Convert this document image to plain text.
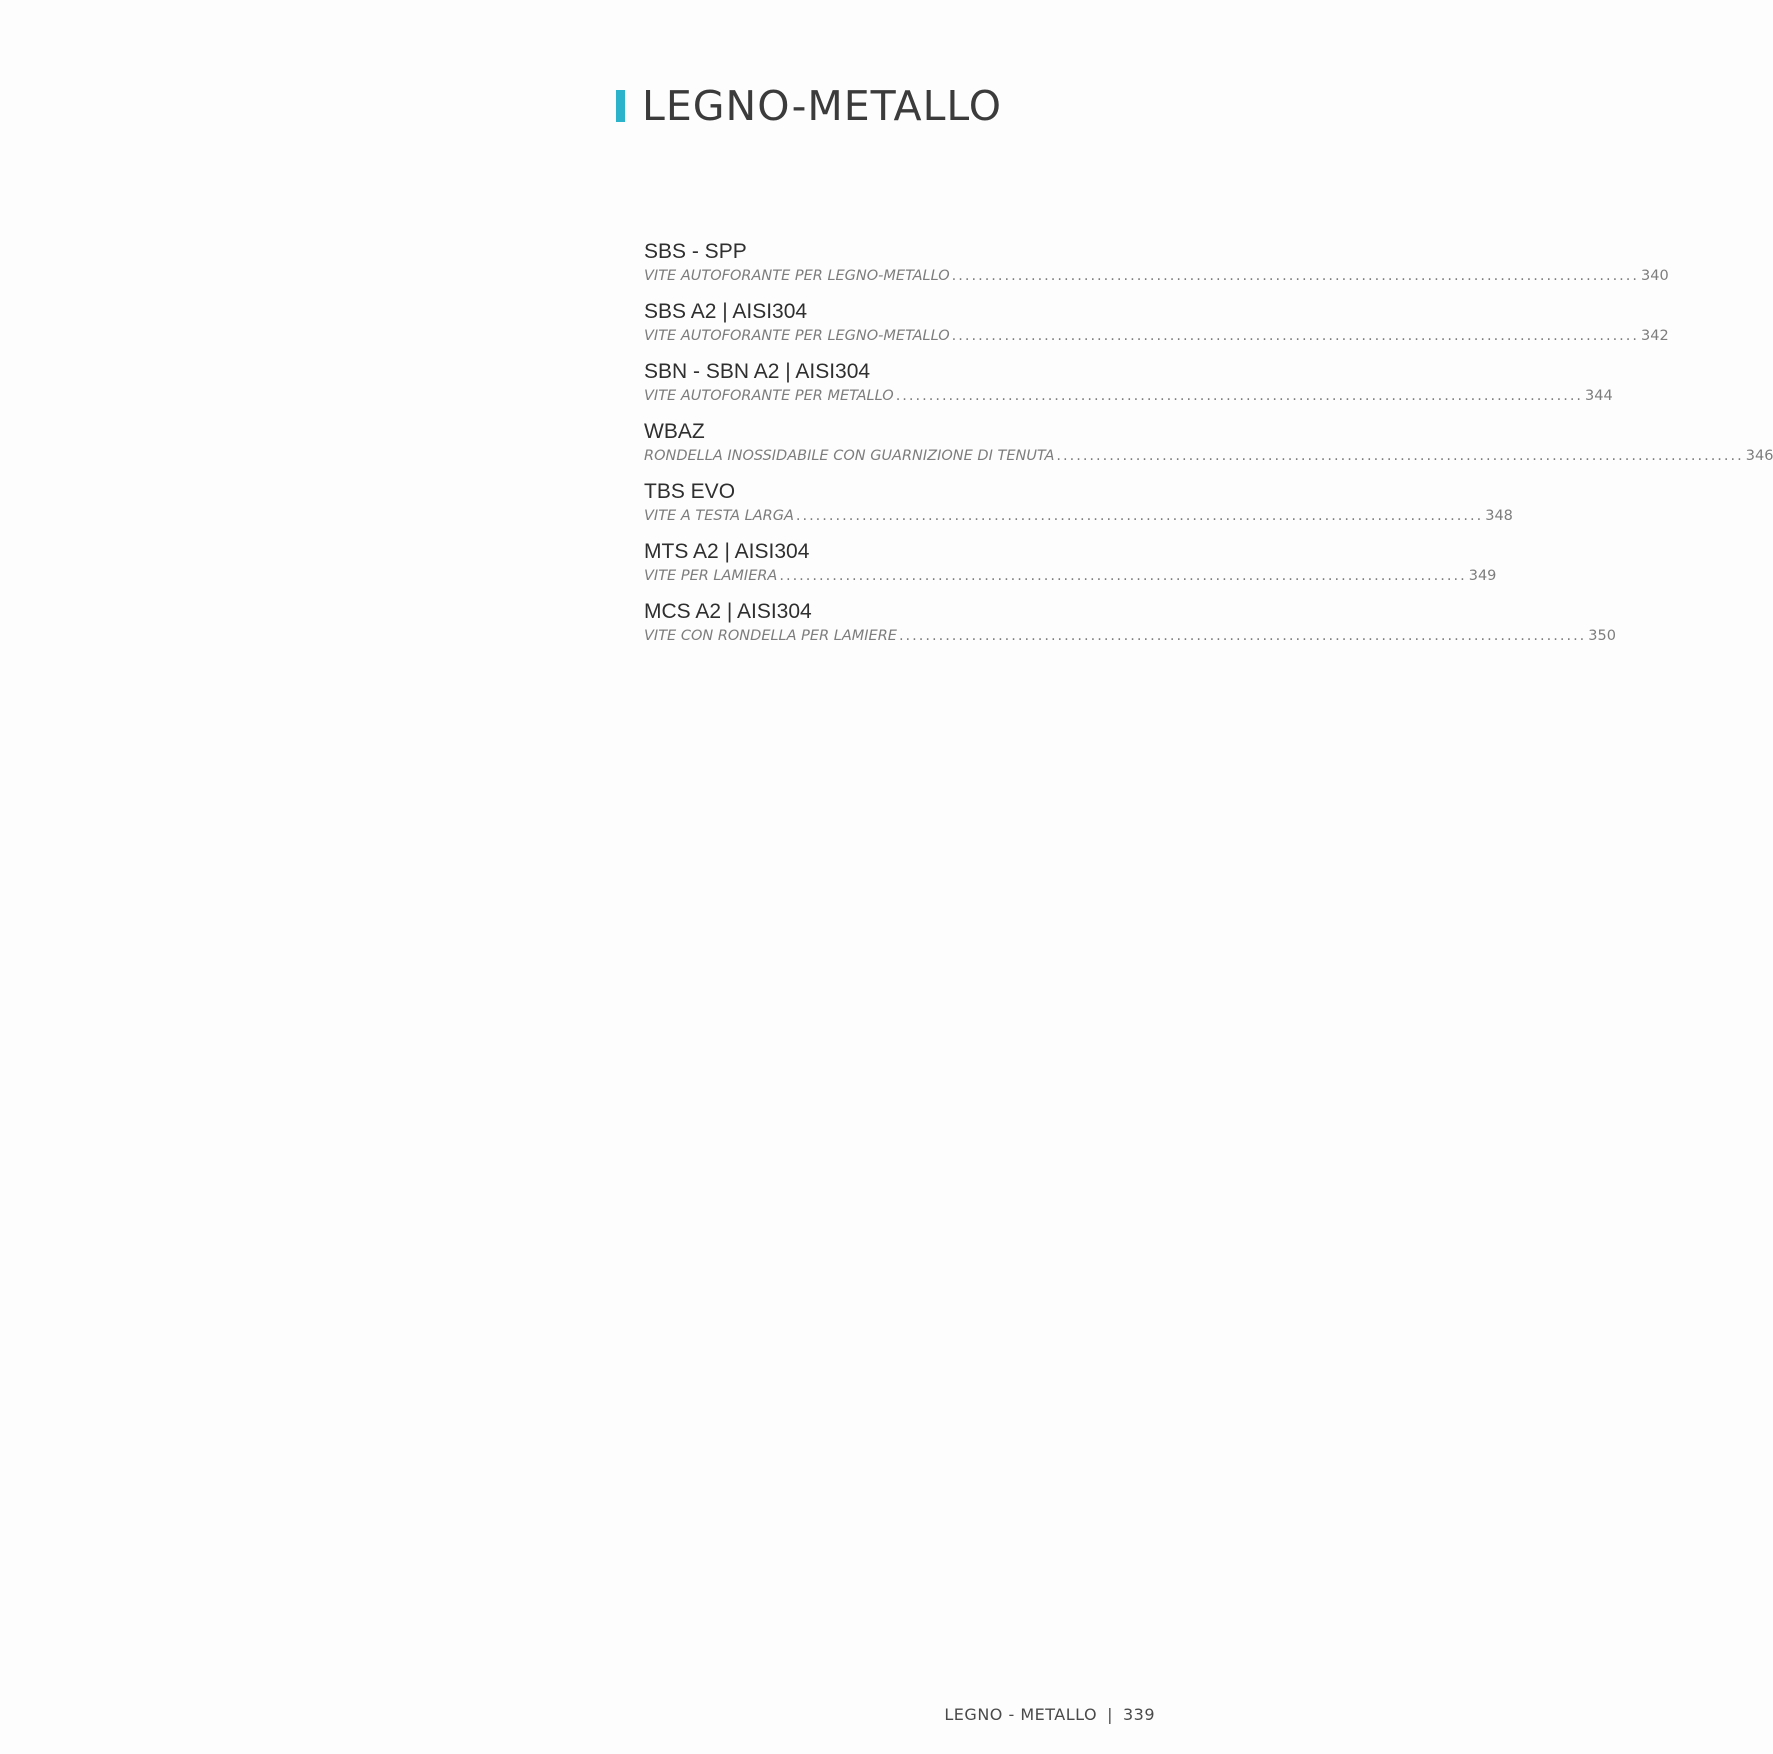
LEGNO-METALLO
SBS - SPP
VITE AUTOFORANTE PER LEGNO-METALLO ........................................................................................................ 340
SBS A2 | AISI304
VITE AUTOFORANTE PER LEGNO-METALLO ........................................................................................................ 342
SBN - SBN A2 | AISI304
VITE AUTOFORANTE PER METALLO ........................................................................................................ 344
WBAZ
RONDELLA INOSSIDABILE CON GUARNIZIONE DI TENUTA ........................................................................................................ 346
TBS EVO
VITE A TESTA LARGA ........................................................................................................ 348
MTS A2 | AISI304
VITE PER LAMIERA ........................................................................................................ 349
MCS A2 | AISI304
VITE CON RONDELLA PER LAMIERE ........................................................................................................ 350
LEGNO - METALLO | 339
